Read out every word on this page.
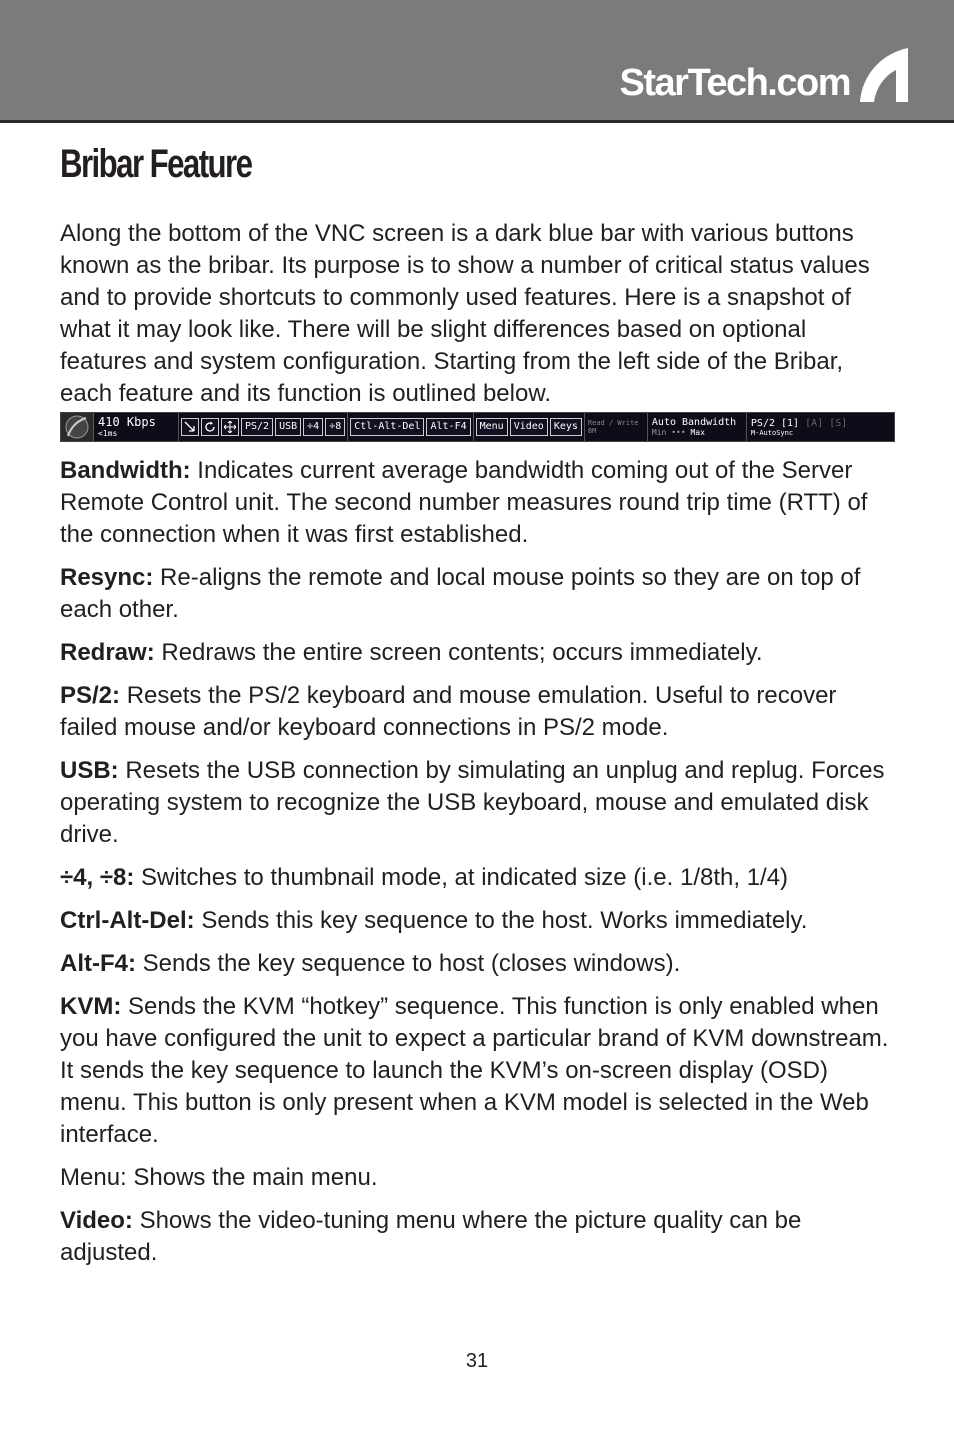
StarTech.com
Bribar Feature

Along the bottom of the VNC screen is a dark blue bar with various buttons known as the bribar. Its purpose is to show a number of critical status values and to provide shortcuts to commonly used features. Here is a snapshot of what it may look like. There will be slight differences based on optional features and system configuration. Starting from the left side of the Bribar, each feature and its function is outlined below.

410 Kbps
<1ms
PS/2	USB	÷4	÷8	Ctl-Alt-Del	Alt-F4	Menu	Video	Keys	Read / Write
8M
Auto Bandwidth
Min ••• Max
PS/2 [1] [A] [S]
M-AutoSync

Bandwidth: Indicates current average bandwidth coming out of the Server Remote Control unit. The second number measures round trip time (RTT) of the connection when it was first established.

Resync: Re-aligns the remote and local mouse points so they are on top of each other.

Redraw: Redraws the entire screen contents; occurs immediately.

PS/2: Resets the PS/2 keyboard and mouse emulation. Useful to recover failed mouse and/or keyboard connections in PS/2 mode.

USB: Resets the USB connection by simulating an unplug and replug. Forces operating system to recognize the USB keyboard, mouse and emulated disk drive.

÷4, ÷8: Switches to thumbnail mode, at indicated size (i.e. 1/8th, 1/4)

Ctrl-Alt-Del: Sends this key sequence to the host. Works immediately.

Alt-F4: Sends the key sequence to host (closes windows).

KVM: Sends the KVM “hotkey” sequence. This function is only enabled when you have configured the unit to expect a particular brand of KVM downstream. It sends the key sequence to launch the KVM’s on-screen display (OSD) menu. This button is only present when a KVM model is selected in the Web interface.

Menu: Shows the main menu.

Video: Shows the video-tuning menu where the picture quality can be adjusted.

31
